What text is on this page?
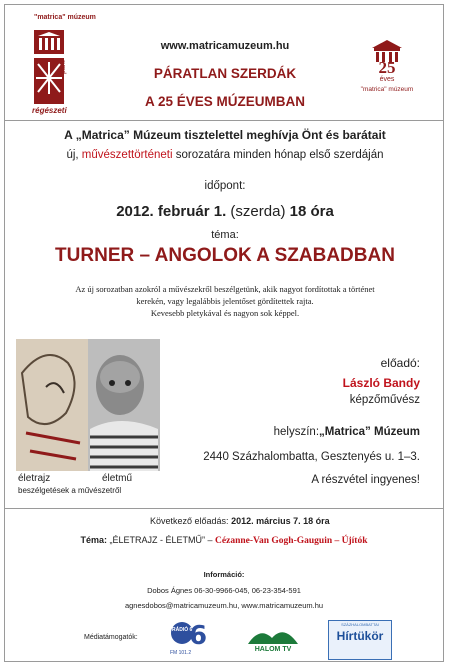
"matrica" múzeum
régészeti
park
www.matricamuzeum.hu
PÁRATLAN SZERDÁK
A 25 ÉVES MÚZEUMBAN
25
éves
"matrica" múzeum
A „Matrica” Múzeum tisztelettel meghívja Önt és barátait
új, művészettörténeti sorozatára minden hónap első szerdáján
időpont:
2012. február 1. (szerda) 18 óra
téma:
TURNER – ANGOLOK A SZABADBAN
Az új sorozatban azokról a művészekről beszélgetünk, akik nagyot fordítottak a történet
kerekén, vagy legalábbis jelentőset gördítettek rajta.
Kevesebb pletykával és nagyon sok képpel.
életrajz	életmű
beszélgetések a művészetről
előadó:
László Bandy
képzőművész
helyszín:„Matrica” Múzeum
2440 Százhalombatta, Gesztenyés u. 1–3.
A részvétel ingyenes!
Következő előadás: 2012. március 7. 18 óra
Téma: „ÉLETRAJZ - ÉLETMŰ” – Cézanne-Van Gogh-Gauguin – Újítók
Információ:
Dobos Ágnes 06-30-9966-045, 06-23-354-591
agnesdobos@matricamuzeum.hu, www.matricamuzeum.hu
Médiatámogatók: 6
RÁDIÓ 6
FM 101.2	HALOM TV
SZÁZHALOMBATTAI
Hírtükör
